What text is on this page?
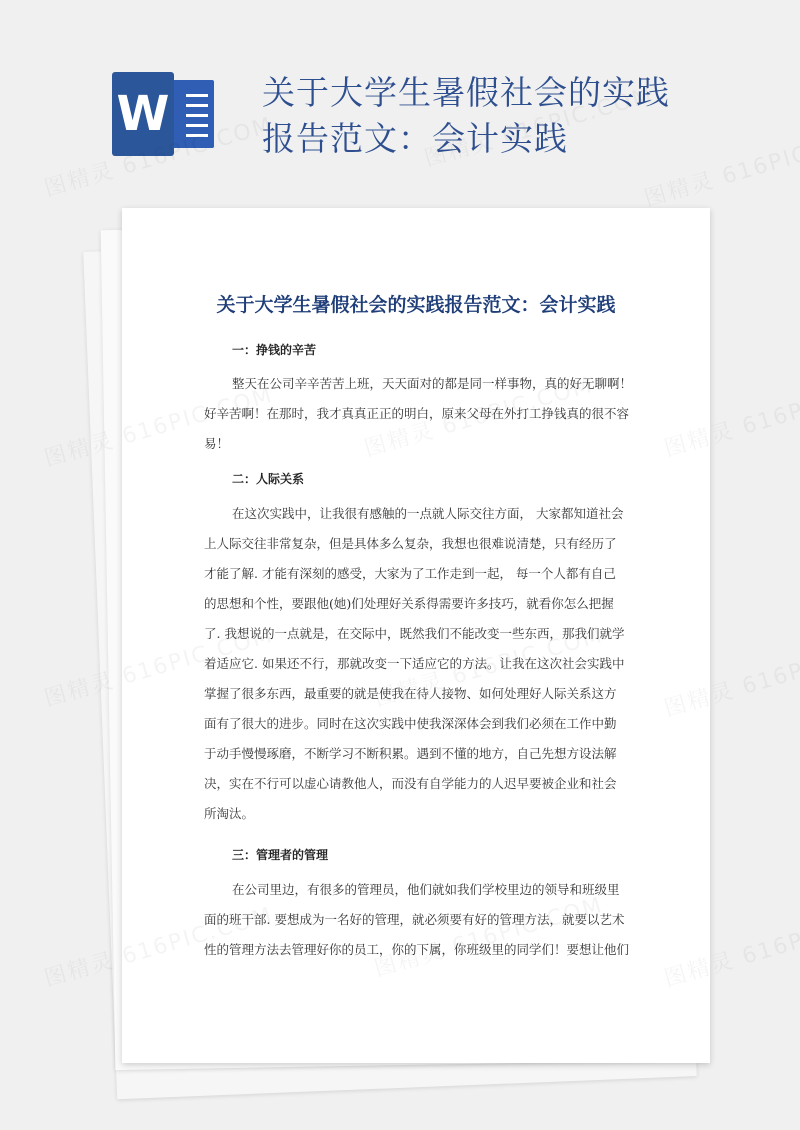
W	关于大学生暑假社会的实践报告范文：会计实践
关于大学生暑假社会的实践报告范文：会计实践
一：挣钱的辛苦
整天在公司辛辛苦苦上班，天天面对的都是同一样事物，真的好无聊啊！
好辛苦啊！在那时，我才真真正正的明白，原来父母在外打工挣钱真的很不容
易！
二：人际关系
在这次实践中，让我很有感触的一点就人际交往方面， 大家都知道社会
上人际交往非常复杂，但是具体多么复杂，我想也很难说清楚，只有经历了
才能了解. 才能有深刻的感受，大家为了工作走到一起， 每一个人都有自己
的思想和个性，要跟他(她)们处理好关系得需要许多技巧，就看你怎么把握
了. 我想说的一点就是，在交际中，既然我们不能改变一些东西，那我们就学
着适应它. 如果还不行，那就改变一下适应它的方法。让我在这次社会实践中
掌握了很多东西，最重要的就是使我在待人接物、如何处理好人际关系这方
面有了很大的进步。同时在这次实践中使我深深体会到我们必须在工作中勤
于动手慢慢琢磨，不断学习不断积累。遇到不懂的地方，自己先想方设法解
决，实在不行可以虚心请教他人，而没有自学能力的人迟早要被企业和社会
所淘汰。
三：管理者的管理
在公司里边，有很多的管理员，他们就如我们学校里边的领导和班级里
面的班干部. 要想成为一名好的管理，就必须要有好的管理方法，就要以艺术
性的管理方法去管理好你的员工，你的下属，你班级里的同学们！要想让他们
